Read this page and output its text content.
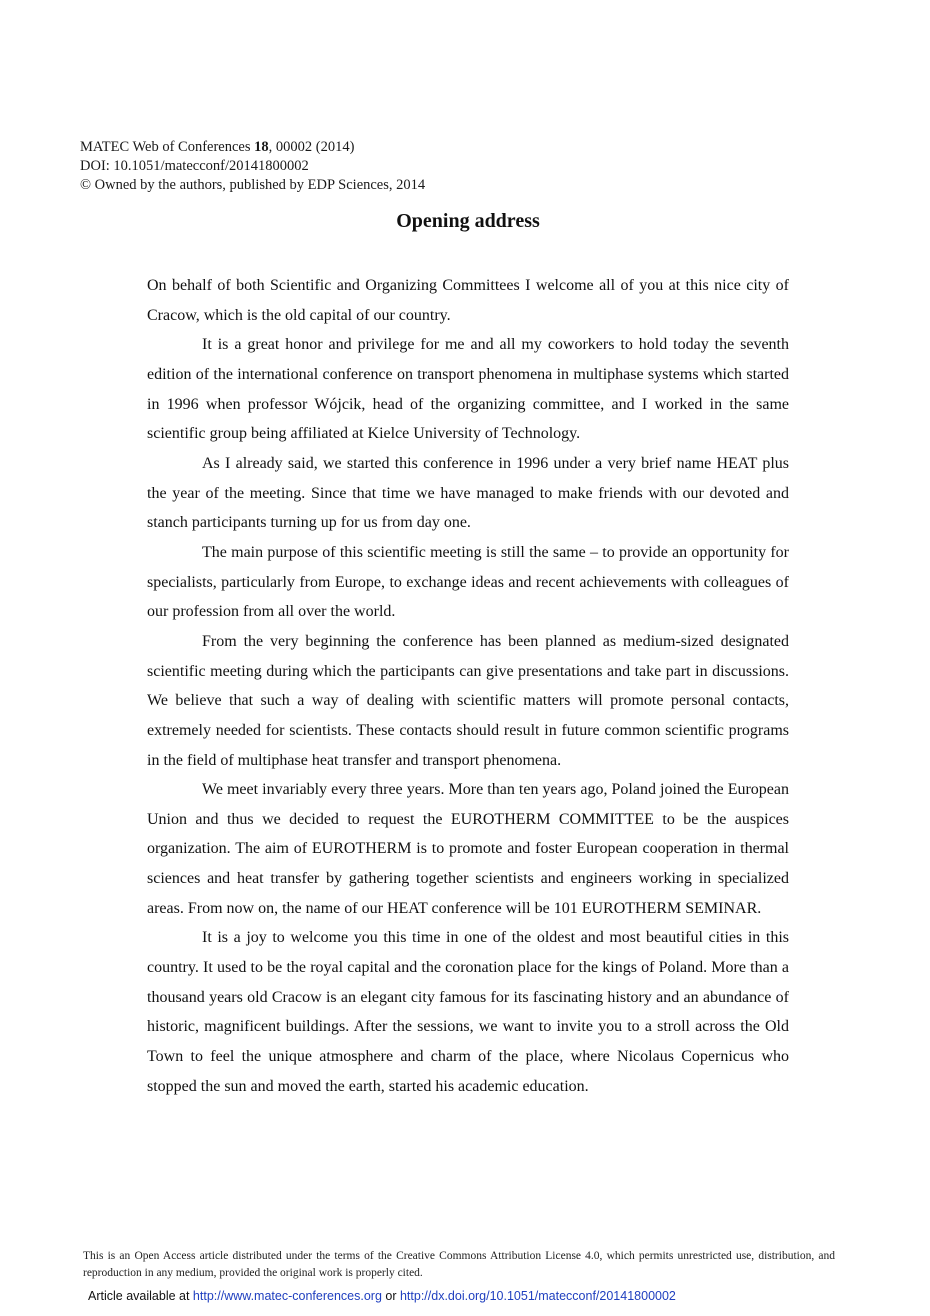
MATEC Web of Conferences 18, 00002 (2014)
DOI: 10.1051/matecconf/20141800002
© Owned by the authors, published by EDP Sciences, 2014
Opening address

On behalf of both Scientific and Organizing Committees I welcome all of you at this nice city of Cracow, which is the old capital of our country.

It is a great honor and privilege for me and all my coworkers to hold today the seventh edition of the international conference on transport phenomena in multiphase systems which started in 1996 when professor Wójcik, head of the organizing committee, and I worked in the same scientific group being affiliated at Kielce University of Technology.

As I already said, we started this conference in 1996 under a very brief name HEAT plus the year of the meeting. Since that time we have managed to make friends with our devoted and stanch participants turning up for us from day one.

The main purpose of this scientific meeting is still the same – to provide an opportunity for specialists, particularly from Europe, to exchange ideas and recent achievements with colleagues of our profession from all over the world.

From the very beginning the conference has been planned as medium-sized designated scientific meeting during which the participants can give presentations and take part in discussions. We believe that such a way of dealing with scientific matters will promote personal contacts, extremely needed for scientists. These contacts should result in future common scientific programs in the field of multiphase heat transfer and transport phenomena.

We meet invariably every three years. More than ten years ago, Poland joined the European Union and thus we decided to request the EUROTHERM COMMITTEE to be the auspices organization. The aim of EUROTHERM is to promote and foster European cooperation in thermal sciences and heat transfer by gathering together scientists and engineers working in specialized areas. From now on, the name of our HEAT conference will be 101 EUROTHERM SEMINAR.

It is a joy to welcome you this time in one of the oldest and most beautiful cities in this country. It used to be the royal capital and the coronation place for the kings of Poland. More than a thousand years old Cracow is an elegant city famous for its fascinating history and an abundance of historic, magnificent buildings. After the sessions, we want to invite you to a stroll across the Old Town to feel the unique atmosphere and charm of the place, where Nicolaus Copernicus who stopped the sun and moved the earth, started his academic education.

This is an Open Access article distributed under the terms of the Creative Commons Attribution License 4.0, which permits unrestricted use, distribution, and reproduction in any medium, provided the original work is properly cited.
Article available at http://www.matec-conferences.org or http://dx.doi.org/10.1051/matecconf/20141800002
